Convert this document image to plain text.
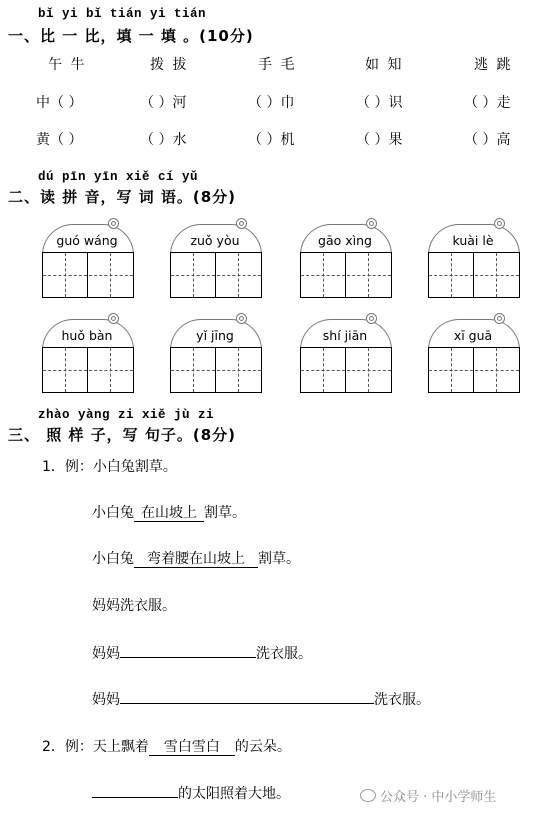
bǐ yi bǐ tián yi tián
一、比 一 比，填 一 填 。(10分)
午 牛	拨 拔	手 毛	如 知	逃 跳
中（ ）	（ ）河	（ ）巾	（ ）识	（ ）走
黄（ ）	（ ）水	（ ）机	（ ）果	（ ）高
dú pīn yīn xiě cí yǔ
二、读 拼 音，写 词 语。(8分)
guó wáng	zuǒ yòu	gāo xìng	kuài lè
huǒ bàn	yǐ jīng	shí jiān	xī guā
zhào yàng zi xiě jù zi
三、 照 样 子，写 句子。(8分)
1．例：小白兔割草。
小白兔 在山坡上 割草。
小白兔 弯着腰在山坡上 割草。
妈妈洗衣服。
妈妈	洗衣服。
妈妈	洗衣服。
2．例：天上飘着 雪白雪白 的云朵。
的太阳照着大地。	公众号 · 中小学师生
